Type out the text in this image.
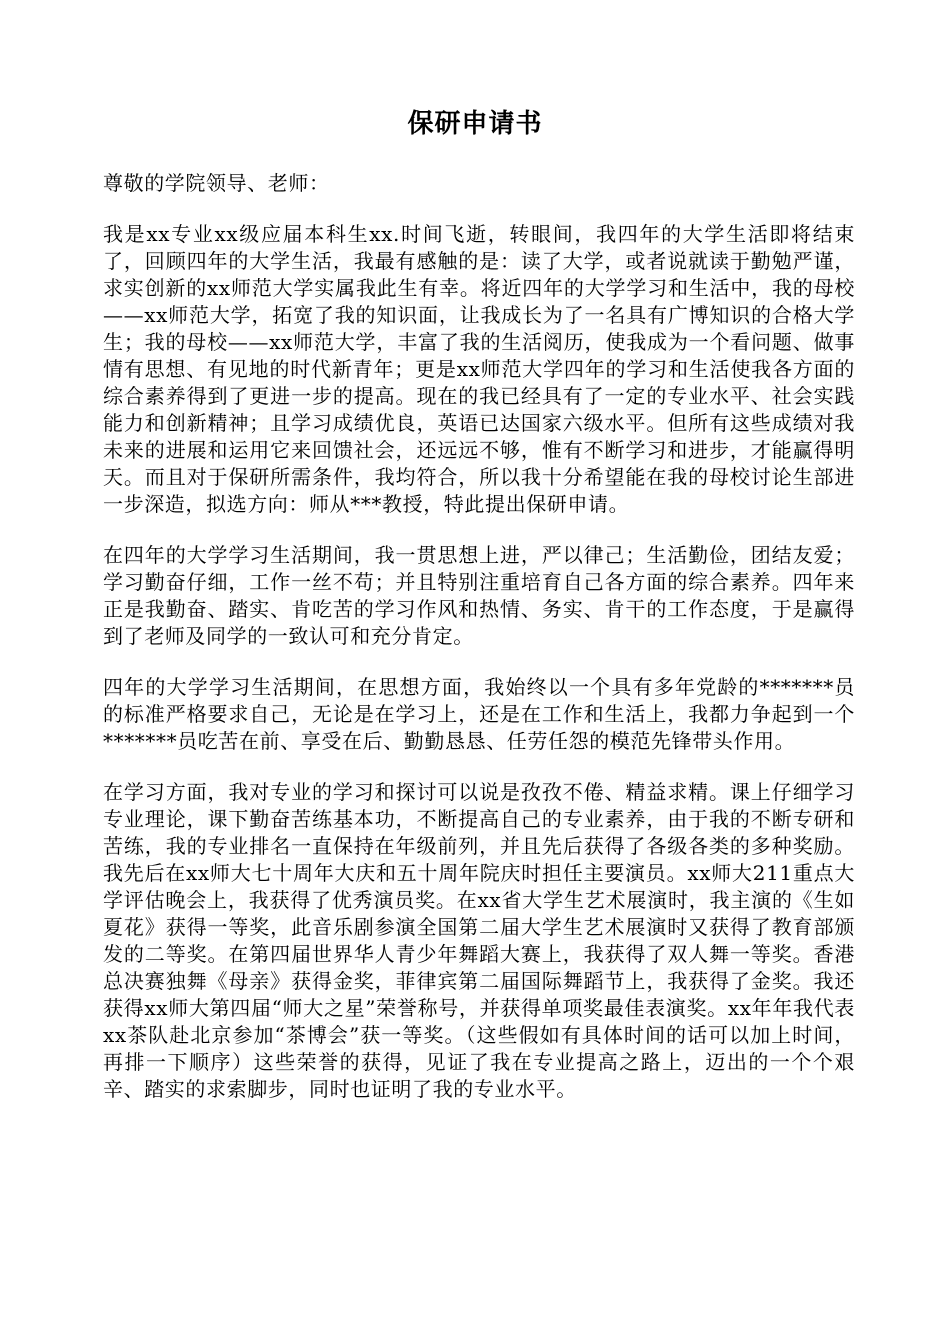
保研申请书

尊敬的学院领导、老师：

我是xx专业xx级应届本科生xx.时间飞逝，转眼间，我四年的大学生活即将结束了，回顾四年的大学生活，我最有感触的是：读了大学，或者说就读于勤勉严谨，求实创新的xx师范大学实属我此生有幸。将近四年的大学学习和生活中，我的母校——xx师范大学，拓宽了我的知识面，让我成长为了一名具有广博知识的合格大学生；我的母校——xx师范大学，丰富了我的生活阅历，使我成为一个看问题、做事情有思想、有见地的时代新青年；更是xx师范大学四年的学习和生活使我各方面的综合素养得到了更进一步的提高。现在的我已经具有了一定的专业水平、社会实践能力和创新精神；且学习成绩优良，英语已达国家六级水平。但所有这些成绩对我未来的进展和运用它来回馈社会，还远远不够，惟有不断学习和进步，才能赢得明天。而且对于保研所需条件，我均符合，所以我十分希望能在我的母校讨论生部进一步深造，拟选方向：师从***教授，特此提出保研申请。

在四年的大学学习生活期间，我一贯思想上进，严以律己；生活勤俭，团结友爱；学习勤奋仔细，工作一丝不苟；并且特别注重培育自己各方面的综合素养。四年来正是我勤奋、踏实、肯吃苦的学习作风和热情、务实、肯干的工作态度，于是赢得到了老师及同学的一致认可和充分肯定。

四年的大学学习生活期间，在思想方面，我始终以一个具有多年党龄的*******员的标准严格要求自己，无论是在学习上，还是在工作和生活上，我都力争起到一个*******员吃苦在前、享受在后、勤勤恳恳、任劳任怨的模范先锋带头作用。

在学习方面，我对专业的学习和探讨可以说是孜孜不倦、精益求精。课上仔细学习专业理论，课下勤奋苦练基本功，不断提高自己的专业素养，由于我的不断专研和苦练，我的专业排名一直保持在年级前列，并且先后获得了各级各类的多种奖励。我先后在xx师大七十周年大庆和五十周年院庆时担任主要演员。xx师大211重点大学评估晚会上，我获得了优秀演员奖。在xx省大学生艺术展演时，我主演的《生如夏花》获得一等奖，此音乐剧参演全国第二届大学生艺术展演时又获得了教育部颁发的二等奖。在第四届世界华人青少年舞蹈大赛上，我获得了双人舞一等奖。香港总决赛独舞《母亲》获得金奖，菲律宾第二届国际舞蹈节上，我获得了金奖。我还获得xx师大第四届“师大之星”荣誉称号，并获得单项奖最佳表演奖。xx年年我代表xx茶队赴北京参加“茶博会”获一等奖。（这些假如有具体时间的话可以加上时间，再排一下顺序）这些荣誉的获得，见证了我在专业提高之路上，迈出的一个个艰辛、踏实的求索脚步，同时也证明了我的专业水平。
